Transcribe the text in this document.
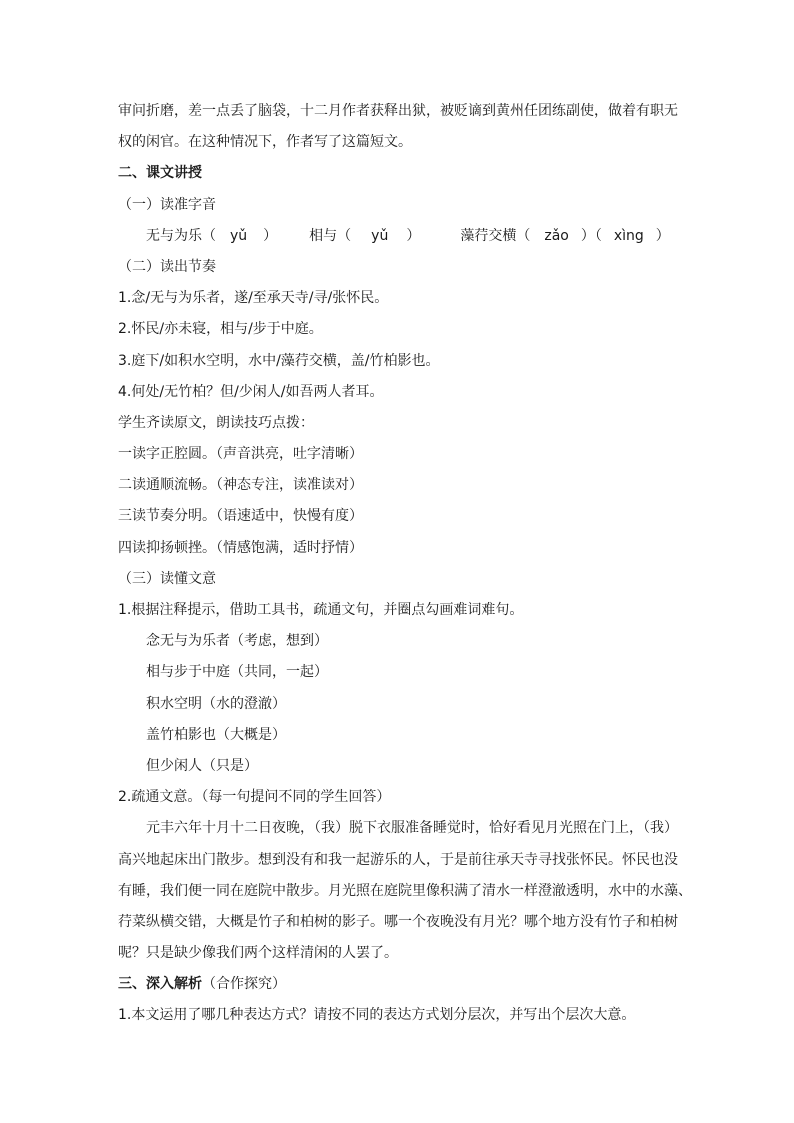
审问折磨，差一点丢了脑袋，十二月作者获释出狱，被贬谪到黄州任团练副使，做着有职无
权的闲官。在这种情况下，作者写了这篇短文。
二、课文讲授
（一）读准字音
无与为乐（ yǔ ） 相与（ yǔ ）	藻荇交横（ zǎo ）（ xìng ）
（二）读出节奏
1.念/无与为乐者，遂/至承天寺/寻/张怀民。
2.怀民/亦未寝，相与/步于中庭。
3.庭下/如积水空明，水中/藻荇交横，盖/竹柏影也。
4.何处/无竹柏？但/少闲人/如吾两人者耳。
学生齐读原文，朗读技巧点拨：
一读字正腔圆。（声音洪亮，吐字清晰）
二读通顺流畅。（神态专注，读准读对）
三读节奏分明。（语速适中，快慢有度）
四读抑扬顿挫。（情感饱满，适时抒情）
（三）读懂文意
1.根据注释提示，借助工具书，疏通文句，并圈点勾画难词难句。
念无与为乐者（考虑，想到）
相与步于中庭（共同，一起）
积水空明（水的澄澈）
盖竹柏影也（大概是）
但少闲人（只是）
2.疏通文意。（每一句提问不同的学生回答）
元丰六年十月十二日夜晚，（我）脱下衣服准备睡觉时，恰好看见月光照在门上，（我）
高兴地起床出门散步。想到没有和我一起游乐的人，于是前往承天寺寻找张怀民。怀民也没
有睡，我们便一同在庭院中散步。月光照在庭院里像积满了清水一样澄澈透明，水中的水藻、
荇菜纵横交错，大概是竹子和柏树的影子。哪一个夜晚没有月光？哪个地方没有竹子和柏树
呢？只是缺少像我们两个这样清闲的人罢了。
三、深入解析（合作探究）
1.本文运用了哪几种表达方式？请按不同的表达方式划分层次，并写出个层次大意。
